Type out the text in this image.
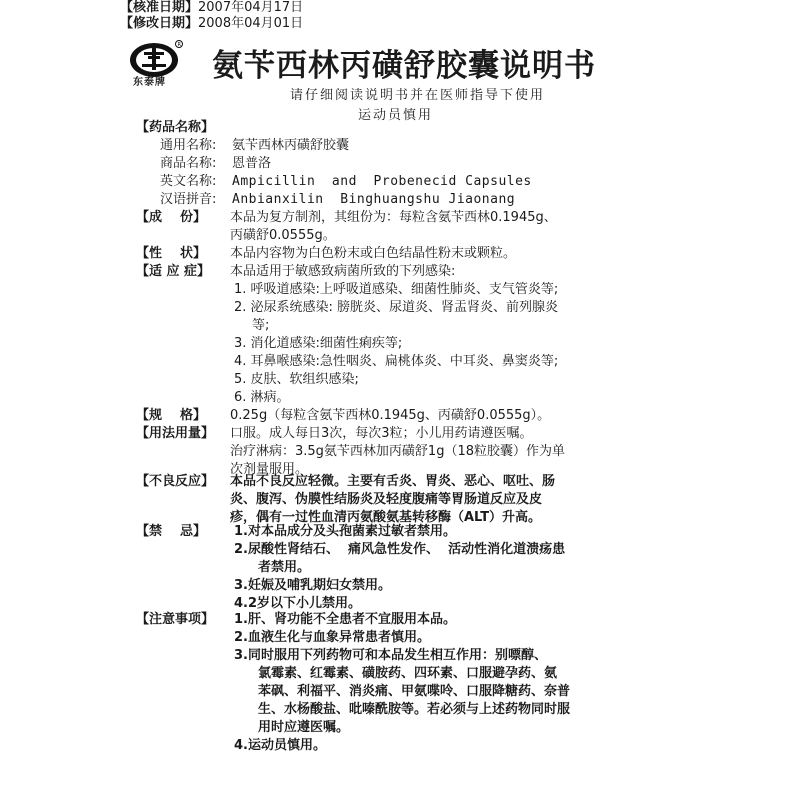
【核准日期】2007年04月17日
【修改日期】2008年04月01日
R
东泰牌 氨苄西林丙磺舒胶囊说明书
请仔细阅读说明书并在医师指导下使用
运动员慎用
【药品名称】
通用名称: 氨苄西林丙磺舒胶囊
商品名称: 恩普洛
英文名称: Ampicillin  and  Probenecid Capsules
汉语拼音: Anbianxilin  Binghuangshu Jiaonang
【成 份】 本品为复方制剂，其组份为：每粒含氨苄西林0.1945g、
丙磺舒0.0555g。
【性 状】 本品内容物为白色粉末或白色结晶性粉末或颗粒。
【适 应 症】 本品适用于敏感致病菌所致的下列感染:
1. 呼吸道感染:上呼吸道感染、细菌性肺炎、支气管炎等;
2. 泌尿系统感染: 膀胱炎、尿道炎、肾盂肾炎、前列腺炎
等;
3. 消化道感染:细菌性痢疾等;
4. 耳鼻喉感染:急性咽炎、扁桃体炎、中耳炎、鼻窦炎等;
5. 皮肤、软组织感染;
6. 淋病。
【规 格】 0.25g（每粒含氨苄西林0.1945g、丙磺舒0.0555g）。
【用法用量】 口服。成人每日3次，每次3粒；小儿用药请遵医嘱。
治疗淋病：3.5g氨苄西林加丙磺舒1g（18粒胶囊）作为单
次剂量服用。
【不良反应】 本品不良反应轻微。主要有舌炎、胃炎、恶心、呕吐、肠
炎、腹泻、伪膜性结肠炎及轻度腹痛等胃肠道反应及皮
疹，偶有一过性血清丙氨酸氨基转移酶（ALT）升高。
【禁 忌】 1.对本品成分及头孢菌素过敏者禁用。
2.尿酸性肾结石、  痛风急性发作、  活动性消化道溃疡患
者禁用。
3.妊娠及哺乳期妇女禁用。
4.2岁以下小儿禁用。
【注意事项】 1.肝、肾功能不全患者不宜服用本品。
2.血液生化与血象异常患者慎用。
3.同时服用下列药物可和本品发生相互作用：别嘌醇、
氯霉素、红霉素、磺胺药、四环素、口服避孕药、氨
苯砜、利福平、消炎痛、甲氨喋呤、口服降糖药、奈普
生、水杨酸盐、吡嗪酰胺等。若必须与上述药物同时服
用时应遵医嘱。
4.运动员慎用。
